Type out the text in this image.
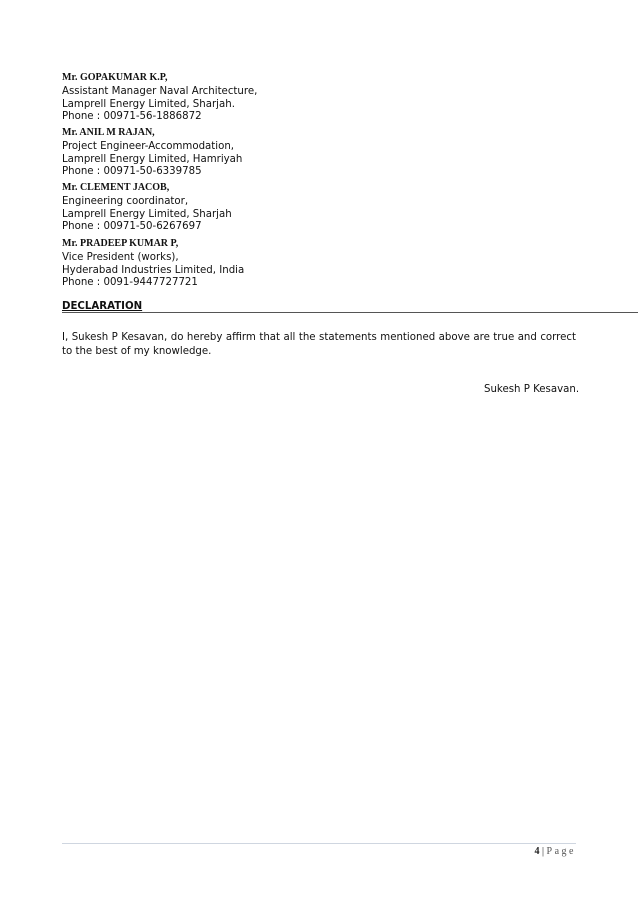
Mr. GOPAKUMAR K.P,
Assistant Manager Naval Architecture,
Lamprell Energy Limited, Sharjah.
Phone : 00971-56-1886872
Mr. ANIL M RAJAN,
Project Engineer-Accommodation,
Lamprell Energy Limited, Hamriyah
Phone : 00971-50-6339785
Mr. CLEMENT JACOB,
Engineering coordinator,
Lamprell Energy Limited, Sharjah
Phone : 00971-50-6267697
Mr. PRADEEP KUMAR P,
Vice President (works),
Hyderabad Industries Limited, India
Phone : 0091-9447727721
DECLARATION
I, Sukesh P Kesavan, do hereby affirm that all the statements mentioned above are true and correct to the best of my knowledge.
Sukesh P Kesavan.
4 | Page
